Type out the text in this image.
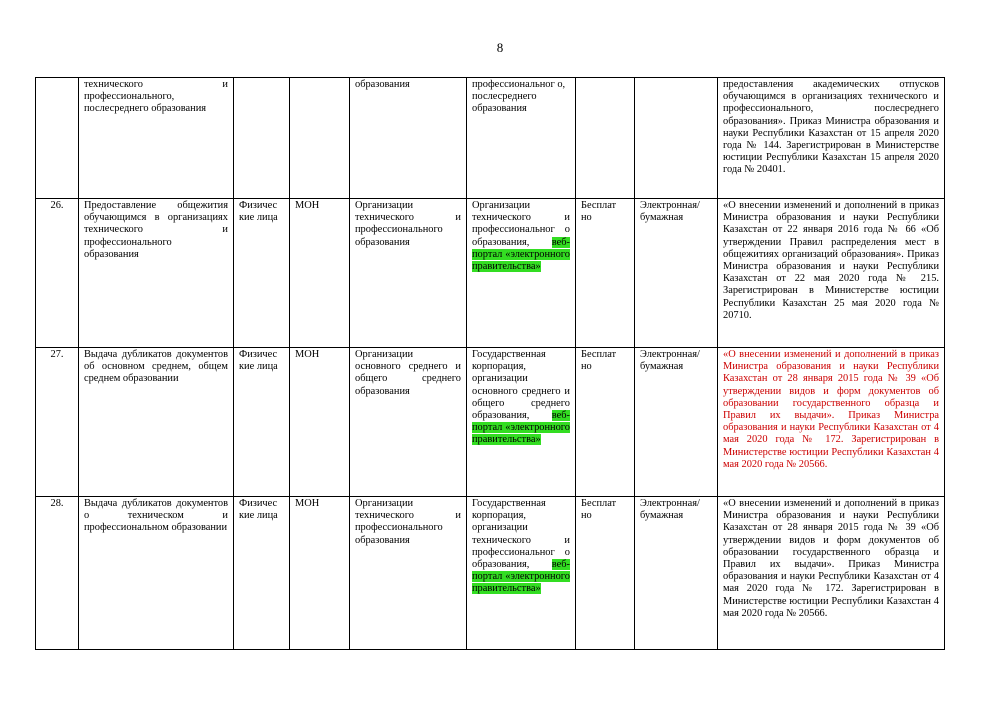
8
	технического и профессионального, послесреднего образования			образования	профессиональног о, послесреднего образования			предоставления академических отпусков обучающимся в организациях технического и профессионального, послесреднего образования». Приказ Министра образования и науки Республики Казахстан от 15 апреля 2020 года № 144. Зарегистрирован в Министерстве юстиции Республики Казахстан 15 апреля 2020 года № 20401.
26.	Предоставление общежития обучающимся в организациях технического и профессионального образования	Физичес кие лица	МОН	Организации технического и профессионального образования	Организации технического и профессиональног о образования, веб-портал «электронного правительства»	Бесплат но	Электронная/ бумажная	«О внесении изменений и дополнений в приказ Министра образования и науки Республики Казахстан от 22 января 2016 года № 66 «Об утверждении Правил распределения мест в общежитиях организаций образования». Приказ Министра образования и науки Республики Казахстан от 22 мая 2020 года № 215. Зарегистрирован в Министерстве юстиции Республики Казахстан 25 мая 2020 года № 20710.
27.	Выдача дубликатов документов об основном среднем, общем среднем образовании	Физичес кие лица	МОН	Организации основного среднего и общего среднего образования	Государственная корпорация, организации основного среднего и общего среднего образования, веб-портал «электронного правительства»	Бесплат но	Электронная/ бумажная	«О внесении изменений и дополнений в приказ Министра образования и науки Республики Казахстан от 28 января 2015 года № 39 «Об утверждении видов и форм документов об образовании государственного образца и Правил их выдачи». Приказ Министра образования и науки Республики Казахстан от 4 мая 2020 года № 172. Зарегистрирован в Министерстве юстиции Республики Казахстан 4 мая 2020 года № 20566.
28.	Выдача дубликатов документов о техническом и профессиональном образовании	Физичес кие лица	МОН	Организации технического и профессионального образования	Государственная корпорация, организации технического и профессиональног о образования, веб-портал «электронного правительства»	Бесплат но	Электронная/ бумажная	«О внесении изменений и дополнений в приказ Министра образования и науки Республики Казахстан от 28 января 2015 года № 39 «Об утверждении видов и форм документов об образовании государственного образца и Правил их выдачи». Приказ Министра образования и науки Республики Казахстан от 4 мая 2020 года № 172. Зарегистрирован в Министерстве юстиции Республики Казахстан 4 мая 2020 года № 20566.
